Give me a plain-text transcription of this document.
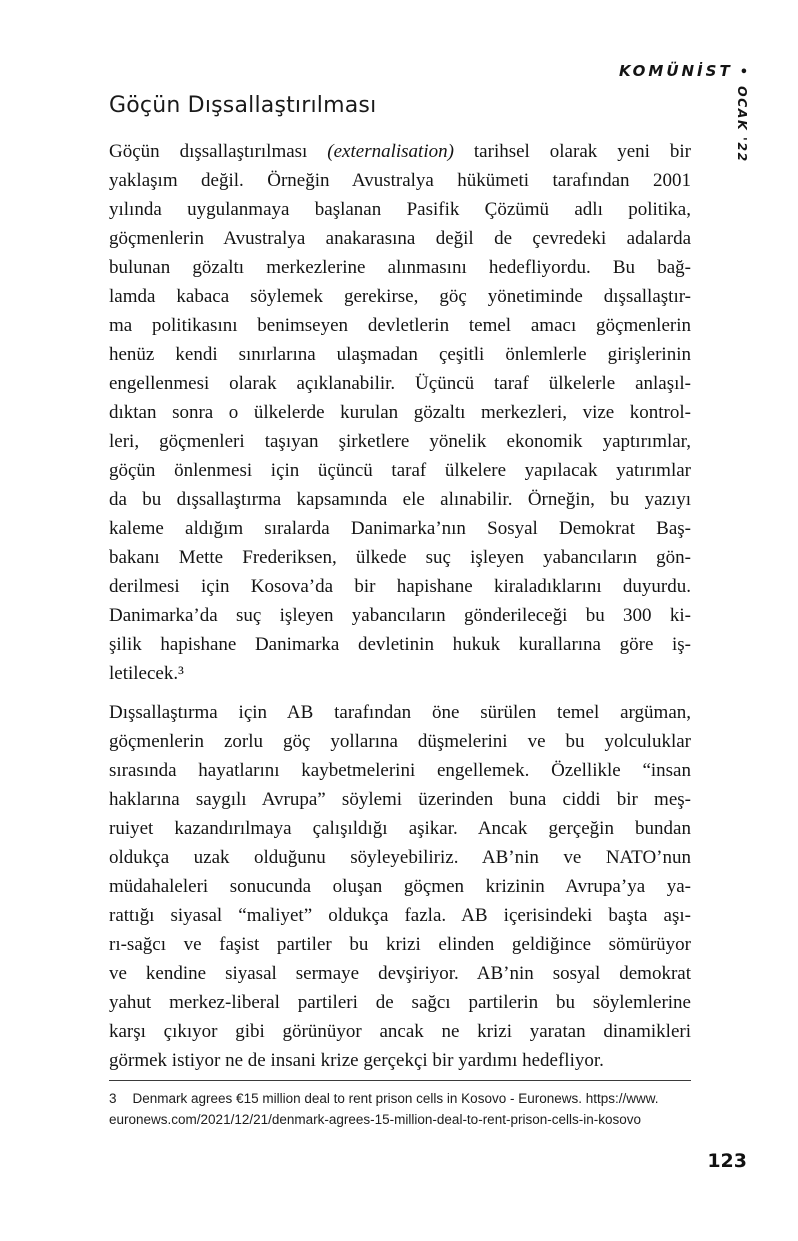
KOMÜNİST •
OCAK '22
Göçün Dışsallaştırılması
Göçün dışsallaştırılması (externalisation) tarihsel olarak yeni bir
yaklaşım değil. Örneğin Avustralya hükümeti tarafından 2001
yılında uygulanmaya başlanan Pasifik Çözümü adlı politika,
göçmenlerin Avustralya anakarasına değil de çevredeki adalarda
bulunan gözaltı merkezlerine alınmasını hedefliyordu. Bu bağ-
lamda kabaca söylemek gerekirse, göç yönetiminde dışsallaştır-
ma politikasını benimseyen devletlerin temel amacı göçmenlerin
henüz kendi sınırlarına ulaşmadan çeşitli önlemlerle girişlerinin
engellenmesi olarak açıklanabilir. Üçüncü taraf ülkelerle anlaşıl-
dıktan sonra o ülkelerde kurulan gözaltı merkezleri, vize kontrol-
leri, göçmenleri taşıyan şirketlere yönelik ekonomik yaptırımlar,
göçün önlenmesi için üçüncü taraf ülkelere yapılacak yatırımlar
da bu dışsallaştırma kapsamında ele alınabilir. Örneğin, bu yazıyı
kaleme aldığım sıralarda Danimarka’nın Sosyal Demokrat Baş-
bakanı Mette Frederiksen, ülkede suç işleyen yabancıların gön-
derilmesi için Kosova’da bir hapishane kiraladıklarını duyurdu.
Danimarka’da suç işleyen yabancıların gönderileceği bu 300 ki-
şilik hapishane Danimarka devletinin hukuk kurallarına göre iş-
letilecek.³
Dışsallaştırma için AB tarafından öne sürülen temel argüman,
göçmenlerin zorlu göç yollarına düşmelerini ve bu yolculuklar
sırasında hayatlarını kaybetmelerini engellemek. Özellikle “insan
haklarına saygılı Avrupa” söylemi üzerinden buna ciddi bir meş-
ruiyet kazandırılmaya çalışıldığı aşikar. Ancak gerçeğin bundan
oldukça uzak olduğunu söyleyebiliriz. AB’nin ve NATO’nun
müdahaleleri sonucunda oluşan göçmen krizinin Avrupa’ya ya-
rattığı siyasal “maliyet” oldukça fazla. AB içerisindeki başta aşı-
rı-sağcı ve faşist partiler bu krizi elinden geldiğince sömürüyor
ve kendine siyasal sermaye devşiriyor. AB’nin sosyal demokrat
yahut merkez-liberal partileri de sağcı partilerin bu söylemlerine
karşı çıkıyor gibi görünüyor ancak ne krizi yaratan dinamikleri
görmek istiyor ne de insani krize gerçekçi bir yardımı hedefliyor.
3 Denmark agrees €15 million deal to rent prison cells in Kosovo - Euronews. https://www.
euronews.com/2021/12/21/denmark-agrees-15-million-deal-to-rent-prison-cells-in-kosovo
123
